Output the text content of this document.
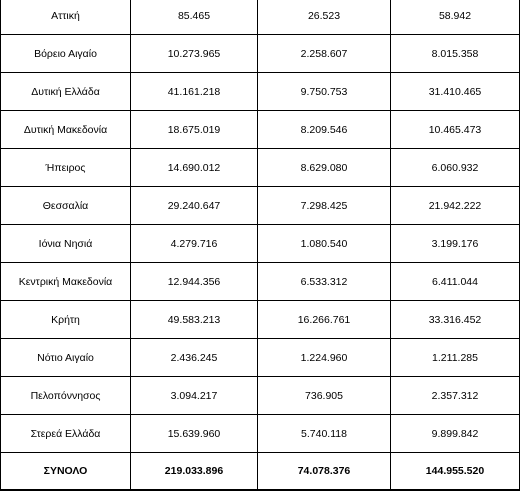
Αττική	85.465	26.523	58.942
Βόρειο Αιγαίο	10.273.965	2.258.607	8.015.358
Δυτική Ελλάδα	41.161.218	9.750.753	31.410.465
Δυτική Μακεδονία	18.675.019	8.209.546	10.465.473
Ήπειρος	14.690.012	8.629.080	6.060.932
Θεσσαλία	29.240.647	7.298.425	21.942.222
Ιόνια Νησιά	4.279.716	1.080.540	3.199.176
Κεντρική Μακεδονία	12.944.356	6.533.312	6.411.044
Κρήτη	49.583.213	16.266.761	33.316.452
Νότιο Αιγαίο	2.436.245	1.224.960	1.211.285
Πελοπόννησος	3.094.217	736.905	2.357.312
Στερεά Ελλάδα	15.639.960	5.740.118	9.899.842
ΣΥΝΟΛΟ	219.033.896	74.078.376	144.955.520
